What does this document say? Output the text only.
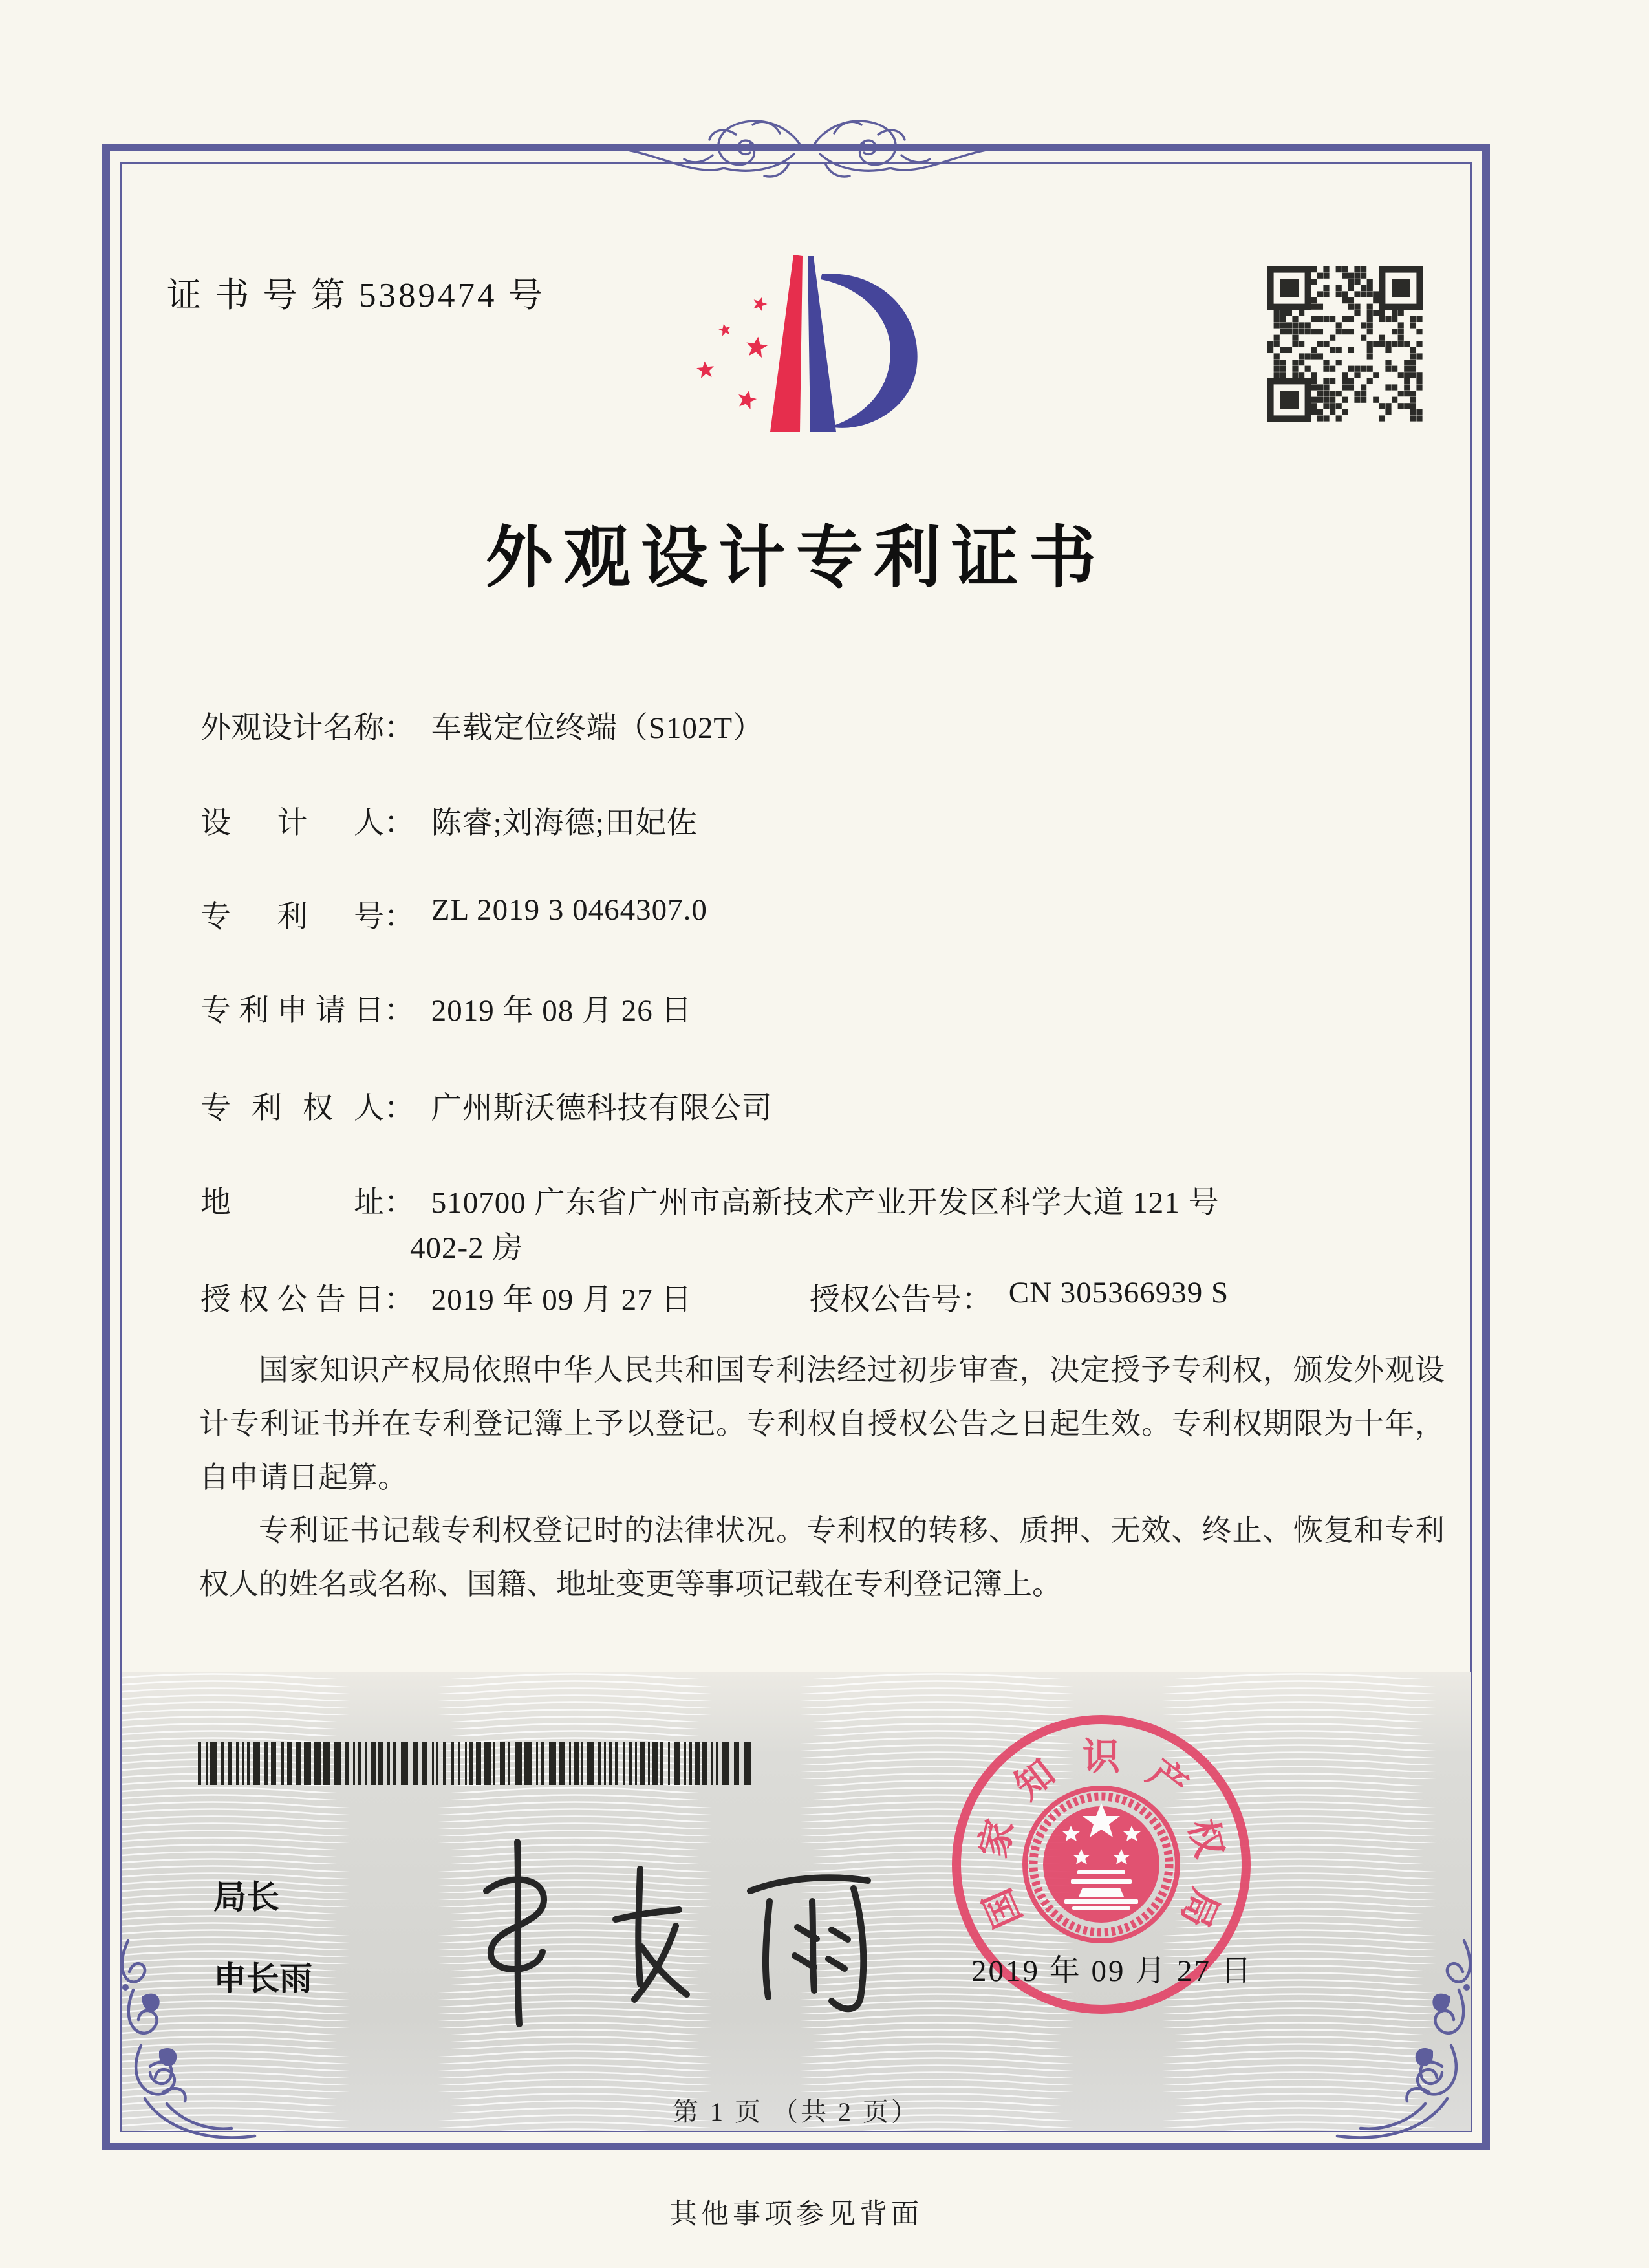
证 书 号 第 5389474 号
外观设计专利证书
外观设计名称： 车载定位终端（S102T）
设计人： 陈睿;刘海德;田妃佐
专利号： ZL 2019 3 0464307.0
专利申请日： 2019 年 08 月 26 日
专利权人： 广州斯沃德科技有限公司
地址： 510700 广东省广州市高新技术产业开发区科学大道 121 号
402-2 房
授权公告日： 2019 年 09 月 27 日	授权公告号： CN 305366939 S

国家知识产权局依照中华人民共和国专利法经过初步审查，决定授予专利权，颁发外观设计专利证书并在专利登记簿上予以登记。专利权自授权公告之日起生效。专利权期限为十年，自申请日起算。

专利证书记载专利权登记时的法律状况。专利权的转移、质押、无效、终止、恢复和专利权人的姓名或名称、国籍、地址变更等事项记载在专利登记簿上。

局长
申长雨
国
家
知 识 产
权
局
2019 年 09 月 27 日
第 1 页 （共 2 页）
其他事项参见背面
